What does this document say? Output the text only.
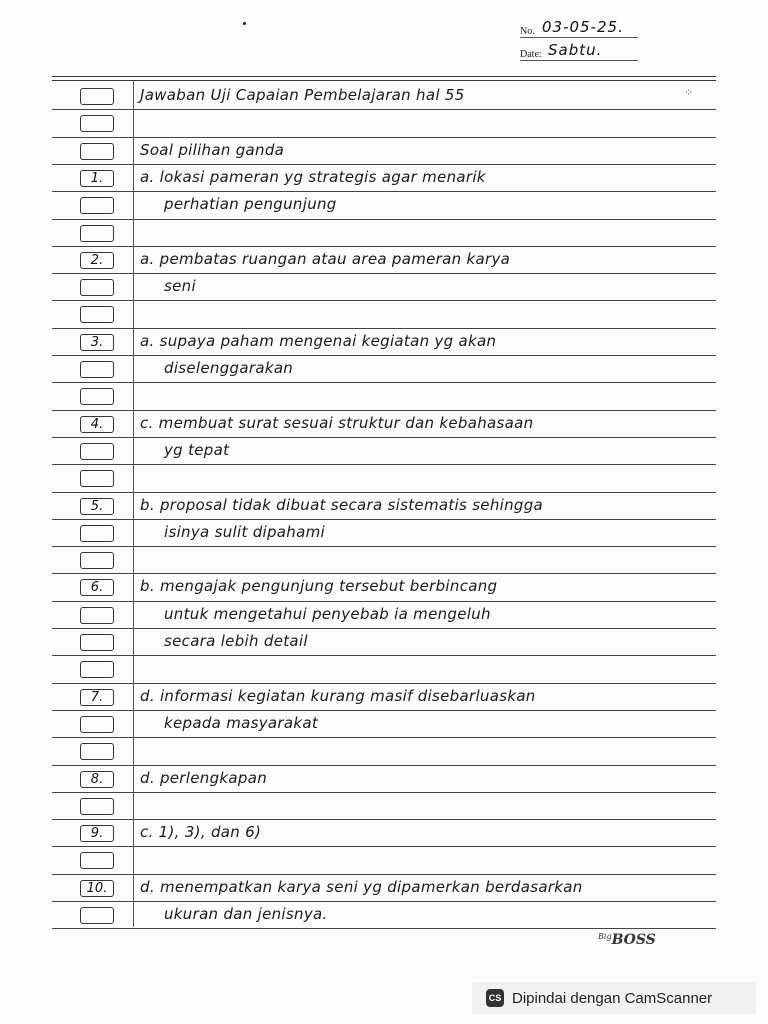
No. 03-05-25.
Date: Sabtu.
⁘
Jawaban Uji Capaian Pembelajaran hal 55
Soal pilihan ganda
1.	a. lokasi pameran yg strategis agar menarik
perhatian pengunjung
2.	a. pembatas ruangan atau area pameran karya
seni
3.	a. supaya paham mengenai kegiatan yg akan
diselenggarakan
4.	c. membuat surat sesuai struktur dan kebahasaan
yg tepat
5.	b. proposal tidak dibuat secara sistematis sehingga
isinya sulit dipahami
6.	b. mengajak pengunjung tersebut berbincang
untuk mengetahui penyebab ia mengeluh
secara lebih detail
7.	d. informasi kegiatan kurang masif disebarluaskan
kepada masyarakat
8.	d. perlengkapan
9.	c. 1), 3), dan 6)
10.	d. menempatkan karya seni yg dipamerkan berdasarkan
ukuran dan jenisnya.
$^{Big}$BOSS
CS Dipindai dengan CamScanner
